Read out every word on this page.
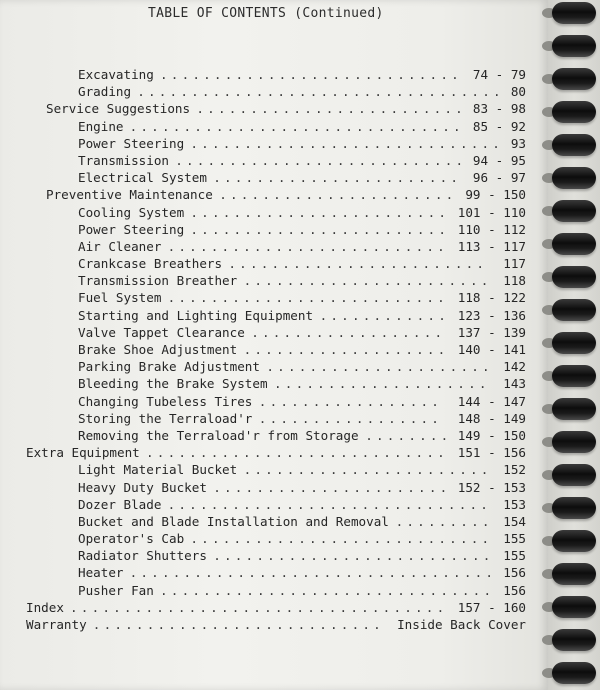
TABLE OF CONTENTS (Continued)
Excavating ............................ 74 - 79
Grading .................................. 80
Service Suggestions ......................... 83 - 98
Engine ............................... 85 - 92
Power Steering ............................. 93
Transmission ........................... 94 - 95
Electrical System ....................... 96 - 97
Preventive Maintenance ...................... 99 - 150
Cooling System ........................ 101 - 110
Power Steering ........................ 110 - 112
Air Cleaner .......................... 113 - 117
Crankcase Breathers ........................	117
Transmission Breather ....................... 118
Fuel System .......................... 118 - 122
Starting and Lighting Equipment ............ 123 - 136
Valve Tappet Clearance .................. 137 - 139
Brake Shoe Adjustment ................... 140 - 141
Parking Brake Adjustment ..................... 142
Bleeding the Brake System ....................	143
Changing Tubeless Tires .................	144 - 147
Storing the Terraload'r .................	148 - 149
Removing the Terraload'r from Storage ........ 149 - 150
Extra Equipment ............................ 151 - 156
Light Material Bucket ....................... 152
Heavy Duty Bucket ...................... 152 - 153
Dozer Blade .............................. 153
Bucket and Blade Installation and Removal ......... 154
Operator's Cab ............................ 155
Radiator Shutters .......................... 155
Heater .................................. 156
Pusher Fan ............................... 156
Index ................................... 157 - 160
Warranty ...........................	Inside Back Cover
